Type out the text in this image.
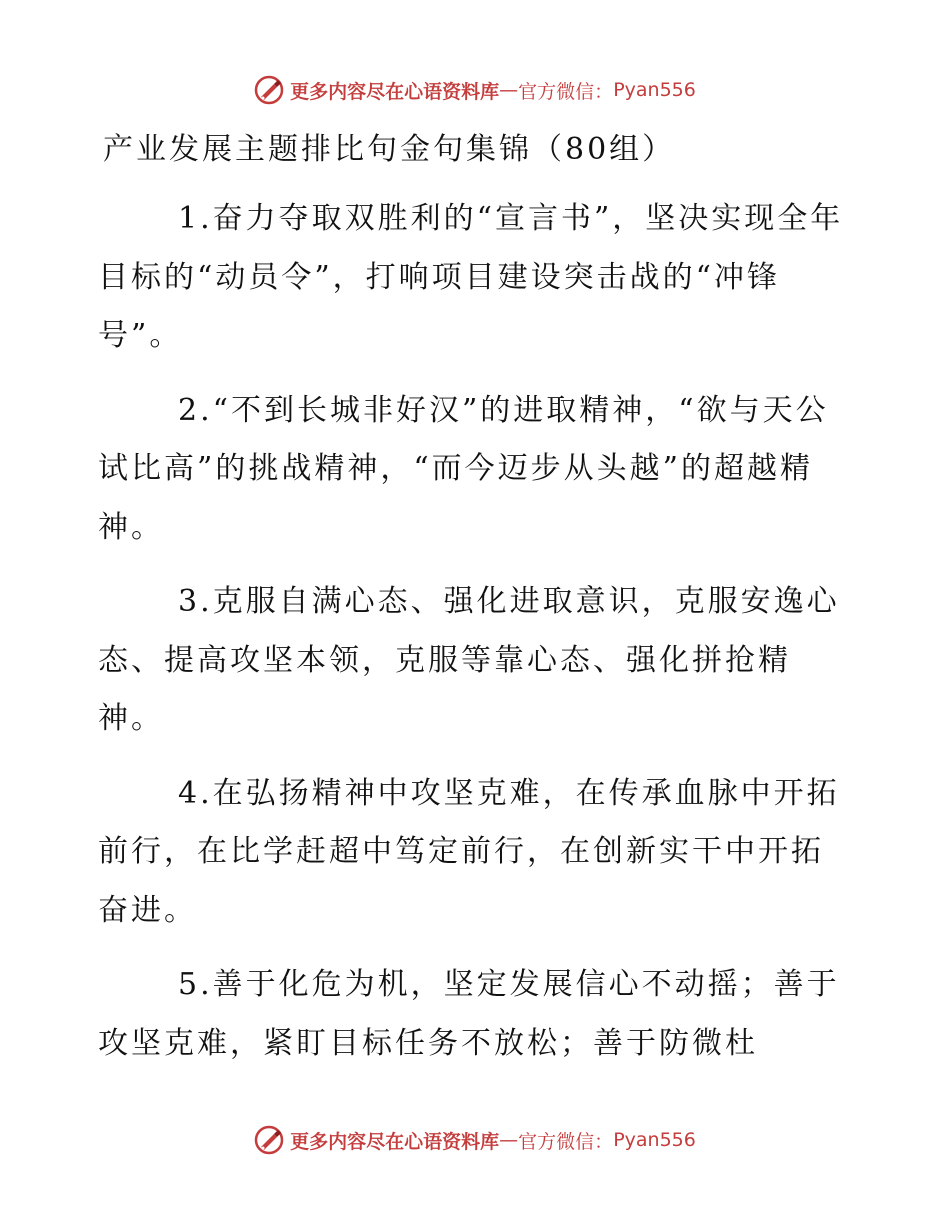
更多内容尽在心语资料库 — 官方微信： Pyan556
产业发展主题排比句金句集锦（80组）

1.奋力夺取双胜利的“宣言书”，坚决实现全年目标的“动员令”，打响项目建设突击战的“冲锋号”。

2.“不到长城非好汉”的进取精神，“欲与天公试比高”的挑战精神，“而今迈步从头越”的超越精神。

3.克服自满心态、强化进取意识，克服安逸心态、提高攻坚本领，克服等靠心态、强化拼抢精神。

4.在弘扬精神中攻坚克难，在传承血脉中开拓前行，在比学赶超中笃定前行，在创新实干中开拓奋进。

5.善于化危为机，坚定发展信心不动摇；善于攻坚克难，紧盯目标任务不放松；善于防微杜

更多内容尽在心语资料库 — 官方微信： Pyan556
